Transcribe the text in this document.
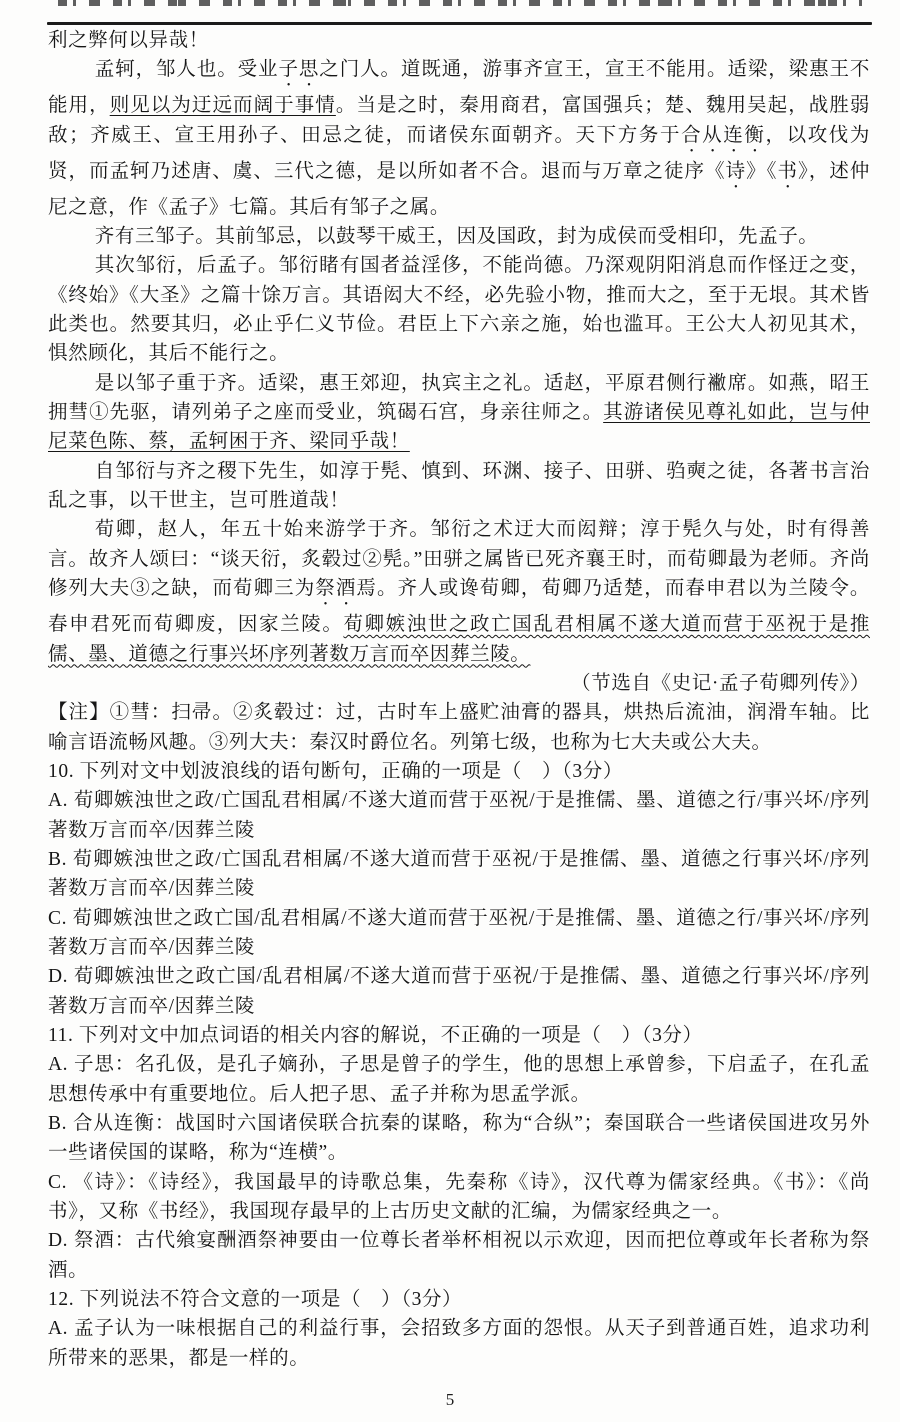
利之弊何以异哉！

孟轲，邹人也。受业子思之门人。道既通，游事齐宣王，宣王不能用。适梁，梁惠王不能用，则见以为迂远而阔于事情。当是之时，秦用商君，富国强兵；楚、魏用吴起，战胜弱敌；齐威王、宣王用孙子、田忌之徒，而诸侯东面朝齐。天下方务于合从连衡，以攻伐为贤，而孟轲乃述唐、虞、三代之德，是以所如者不合。退而与万章之徒序《诗》《书》，述仲尼之意，作《孟子》七篇。其后有邹子之属。

齐有三邹子。其前邹忌，以鼓琴干威王，因及国政，封为成侯而受相印，先孟子。

其次邹衍，后孟子。邹衍睹有国者益淫侈，不能尚德。乃深观阴阳消息而作怪迂之变，《终始》《大圣》之篇十馀万言。其语闳大不经，必先验小物，推而大之，至于无垠。其术皆此类也。然要其归，必止乎仁义节俭。君臣上下六亲之施，始也滥耳。王公大人初见其术，惧然顾化，其后不能行之。

是以邹子重于齐。适梁，惠王郊迎，执宾主之礼。适赵，平原君侧行襒席。如燕，昭王拥彗①先驱，请列弟子之座而受业，筑碣石宫，身亲往师之。其游诸侯见尊礼如此，岂与仲尼菜色陈、蔡，孟轲困于齐、梁同乎哉！

自邹衍与齐之稷下先生，如淳于髡、慎到、环渊、接子、田骈、驺奭之徒，各著书言治乱之事，以干世主，岂可胜道哉！

荀卿，赵人，年五十始来游学于齐。邹衍之术迂大而闳辩；淳于髡久与处，时有得善言。故齐人颂曰：“谈天衍，炙毂过②髡。”田骈之属皆已死齐襄王时，而荀卿最为老师。齐尚修列大夫③之缺，而荀卿三为祭酒焉。齐人或谗荀卿，荀卿乃适楚，而春申君以为兰陵令。春申君死而荀卿废，因家兰陵。荀卿嫉浊世之政亡国乱君相属不遂大道而营于巫祝于是推儒、墨、道德之行事兴坏序列著数万言而卒因葬兰陵。

（节选自《史记·孟子荀卿列传》）

【注】①彗：扫帚。②炙毂过：过，古时车上盛贮油膏的器具，烘热后流油，润滑车轴。比喻言语流畅风趣。③列大夫：秦汉时爵位名。列第七级，也称为七大夫或公大夫。

10. 下列对文中划波浪线的语句断句，正确的一项是（　）（3分）

A. 荀卿嫉浊世之政/亡国乱君相属/不遂大道而营于巫祝/于是推儒、墨、道德之行/事兴坏/序列著数万言而卒/因葬兰陵

B. 荀卿嫉浊世之政/亡国乱君相属/不遂大道而营于巫祝/于是推儒、墨、道德之行事兴坏/序列著数万言而卒/因葬兰陵

C. 荀卿嫉浊世之政亡国/乱君相属/不遂大道而营于巫祝/于是推儒、墨、道德之行/事兴坏/序列著数万言而卒/因葬兰陵

D. 荀卿嫉浊世之政亡国/乱君相属/不遂大道而营于巫祝/于是推儒、墨、道德之行事兴坏/序列著数万言而卒/因葬兰陵

11. 下列对文中加点词语的相关内容的解说，不正确的一项是（　）（3分）

A. 子思：名孔伋，是孔子嫡孙，子思是曾子的学生，他的思想上承曾参，下启孟子，在孔孟思想传承中有重要地位。后人把子思、孟子并称为思孟学派。

B. 合从连衡：战国时六国诸侯联合抗秦的谋略，称为“合纵”；秦国联合一些诸侯国进攻另外一些诸侯国的谋略，称为“连横”。

C. 《诗》：《诗经》，我国最早的诗歌总集，先秦称《诗》，汉代尊为儒家经典。《书》：《尚书》，又称《书经》，我国现存最早的上古历史文献的汇编，为儒家经典之一。

D. 祭酒：古代飨宴酬酒祭神要由一位尊长者举杯相祝以示欢迎，因而把位尊或年长者称为祭酒。

12. 下列说法不符合文意的一项是（　）（3分）

A. 孟子认为一味根据自己的利益行事，会招致多方面的怨恨。从天子到普通百姓，追求功利所带来的恶果，都是一样的。

5
